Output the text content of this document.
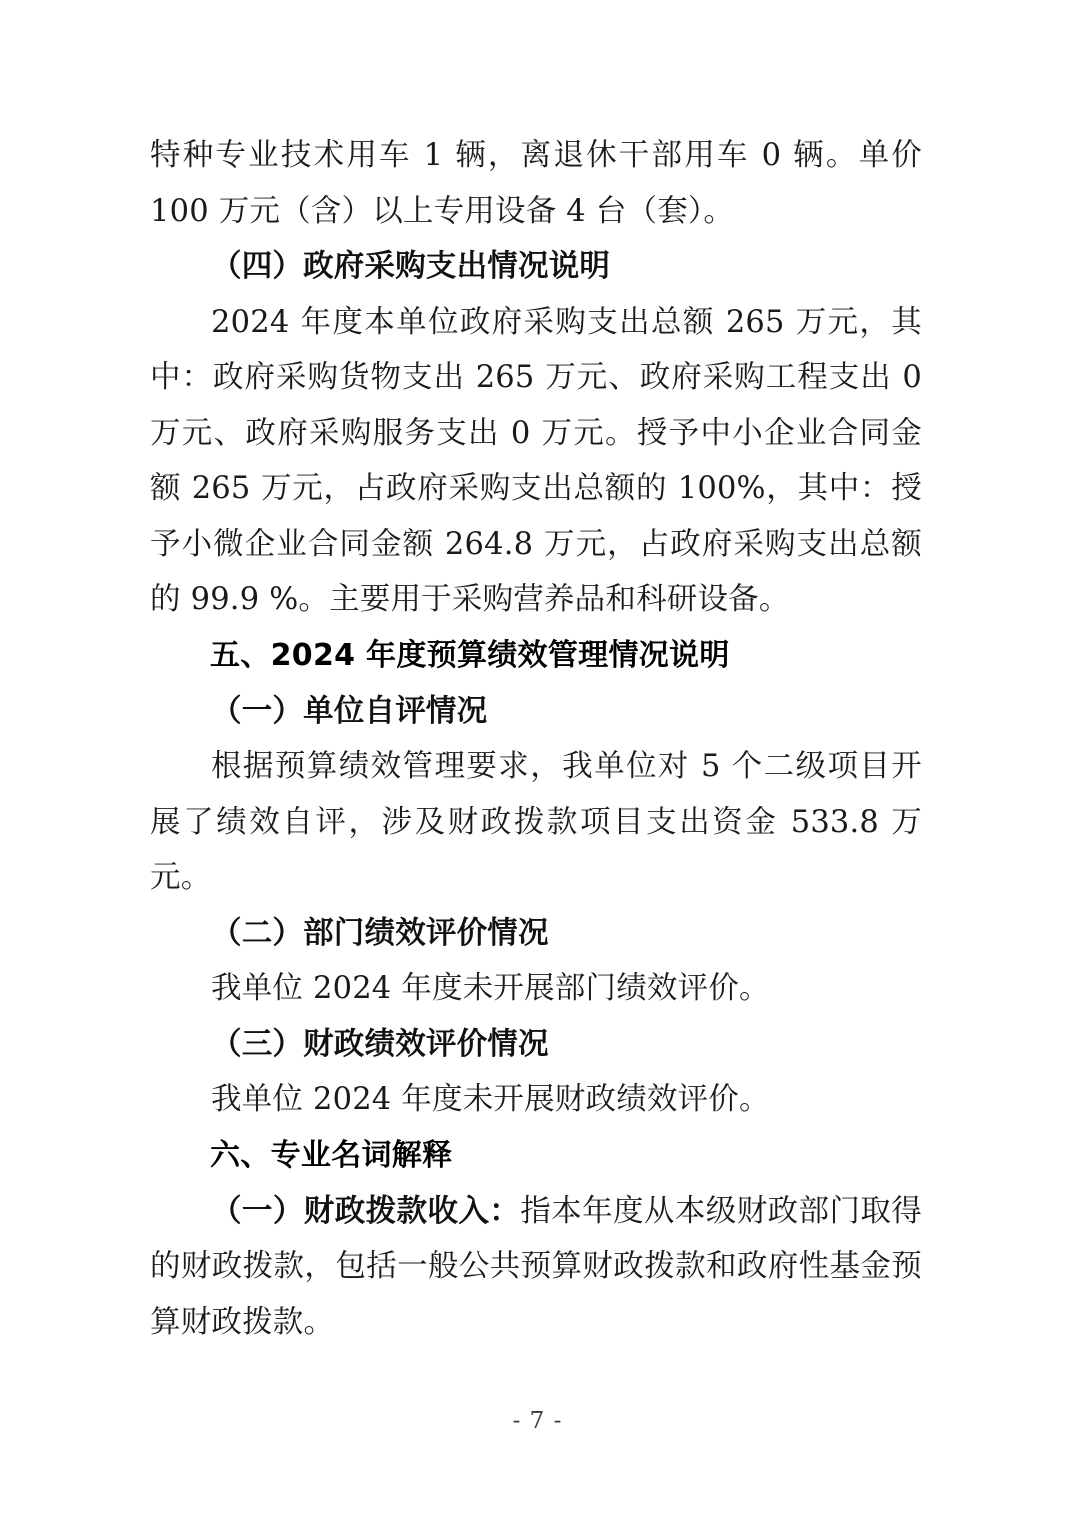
特种专业技术用车 1 辆，离退休干部用车 0 辆。单价 100 万元（含）以上专用设备 4 台（套）。

（四）政府采购支出情况说明

2024 年度本单位政府采购支出总额 265 万元，其中：政府采购货物支出 265 万元、政府采购工程支出 0 万元、政府采购服务支出 0 万元。授予中小企业合同金额 265 万元，占政府采购支出总额的 100%，其中：授予小微企业合同金额 264.8 万元，占政府采购支出总额的 99.9 %。主要用于采购营养品和科研设备。

五、2024 年度预算绩效管理情况说明

（一）单位自评情况

根据预算绩效管理要求，我单位对 5 个二级项目开展了绩效自评，涉及财政拨款项目支出资金 533.8 万元。

（二）部门绩效评价情况

我单位 2024 年度未开展部门绩效评价。

（三）财政绩效评价情况

我单位 2024 年度未开展财政绩效评价。

六、专业名词解释

（一）财政拨款收入：指本年度从本级财政部门取得的财政拨款，包括一般公共预算财政拨款和政府性基金预算财政拨款。

- 7 -
